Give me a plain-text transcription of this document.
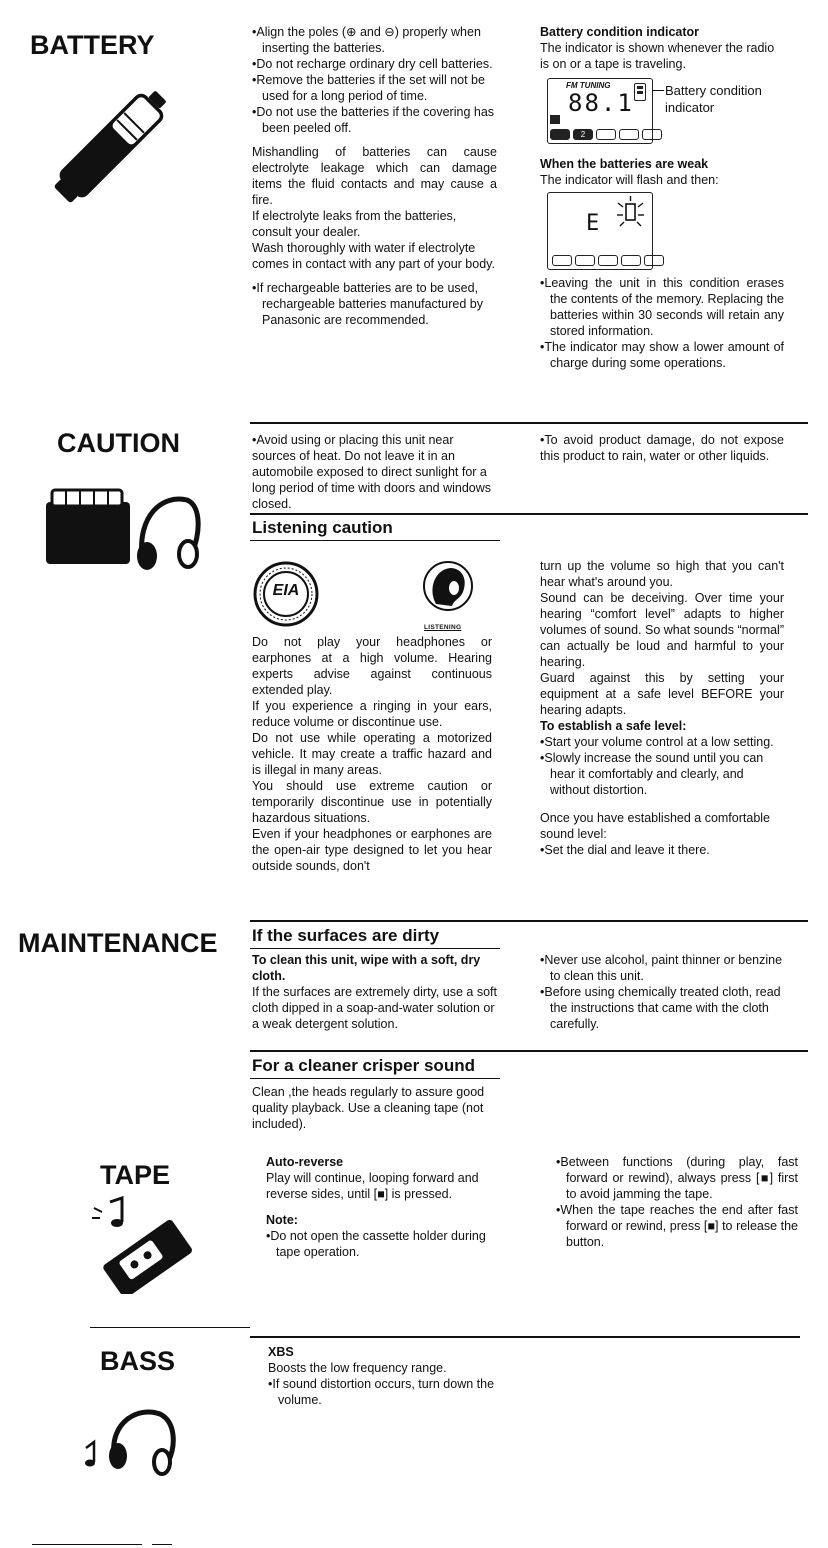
BATTERY	•Align the poles (⊕ and ⊖) properly when inserting the batteries.

•Do not recharge ordinary dry cell batteries.

•Remove the batteries if the set will not be used for a long period of time.

•Do not use the batteries if the covering has been peeled off.

Mishandling of batteries can cause electrolyte leakage which can damage items the fluid contacts and may cause a fire.

If electrolyte leaks from the batteries, consult your dealer.

Wash thoroughly with water if electrolyte comes in contact with any part of your body.

•If rechargeable batteries are to be used, rechargeable batteries manufactured by Panasonic are recommended.

Battery condition indicator

The indicator is shown whenever the radio is on or a tape is traveling.

FM TUNING
88.1
2
Battery condition indicator

When the batteries are weak

The indicator will flash and then:

E

•Leaving the unit in this condition erases the contents of the memory. Replacing the batteries within 30 seconds will retain any stored information.

•The indicator may show a lower amount of charge during some operations.

CAUTION	•Avoid using or placing this unit near sources of heat. Do not leave it in an automobile exposed to direct sunlight for a long period of time with doors and windows closed.
•To avoid product damage, do not expose this product to rain, water or other liquids.
Listening caution
EIA
LISTENING

Do not play your headphones or earphones at a high volume. Hearing experts advise against continuous extended play.

If you experience a ringing in your ears, reduce volume or discontinue use.

Do not use while operating a motorized vehicle. It may create a traffic hazard and is illegal in many areas.

You should use extreme caution or temporarily discontinue use in potentially hazardous situations.

Even if your headphones or earphones are the open-air type designed to let you hear outside sounds, don't

turn up the volume so high that you can't hear what's around you.

Sound can be deceiving. Over time your hearing “comfort level” adapts to higher volumes of sound. So what sounds “normal” can actually be loud and harmful to your hearing.

Guard against this by setting your equipment at a safe level BEFORE your hearing adapts.

To establish a safe level:

•Start your volume control at a low setting.

•Slowly increase the sound until you can hear it comfortably and clearly, and without distortion.

Once you have established a comfortable sound level:

•Set the dial and leave it there.

MAINTENANCE If the surfaces are dirty

To clean this unit, wipe with a soft, dry cloth.

If the surfaces are extremely dirty, use a soft cloth dipped in a soap-and-water solution or a weak detergent solution.

•Never use alcohol, paint thinner or benzine to clean this unit.

•Before using chemically treated cloth, read the instructions that came with the cloth carefully.

For a cleaner crisper sound
Clean ,the heads regularly to assure good quality playback. Use a cleaning tape (not included).
TAPE	Auto-reverse

Play will continue, looping forward and reverse sides, until [■] is pressed.

Note:

•Do not open the cassette holder during tape operation.

•Between functions (during play, fast forward or rewind), always press [■] first to avoid jamming the tape.

•When the tape reaches the end after fast forward or rewind, press [■] to release the button.

BASS	XBS

Boosts the low frequency range.

•If sound distortion occurs, turn down the volume.
